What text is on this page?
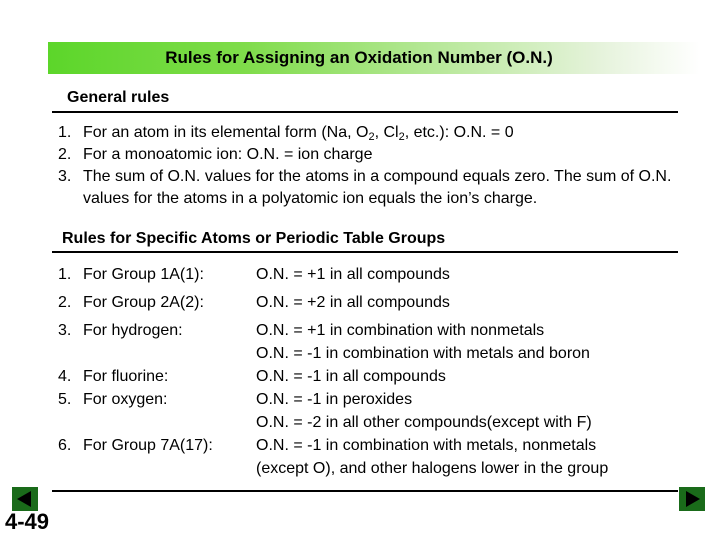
Rules for Assigning an Oxidation Number (O.N.)
General rules
1. For an atom in its elemental form (Na, $O_2$, $Cl_2$, etc.): O.N. = 0
2. For a monoatomic ion: O.N. = ion charge
3. The sum of O.N. values for the atoms in a compound equals zero. The sum of O.N. values for the atoms in a polyatomic ion equals the ion’s charge.
Rules for Specific Atoms or Periodic Table Groups
1. For Group 1A(1):	O.N. = +1 in all compounds
2. For Group 2A(2):	O.N. = +2 in all compounds
3. For hydrogen:	O.N. = +1 in combination with nonmetals
O.N. = -1 in combination with metals and boron
4. For fluorine:	O.N. = -1 in all compounds
5. For oxygen:	O.N. = -1 in peroxides
O.N. = -2 in all other compounds(except with F)
6. For Group 7A(17):	O.N. = -1 in combination with metals, nonmetals
(except O), and other halogens lower in the group
4-49
